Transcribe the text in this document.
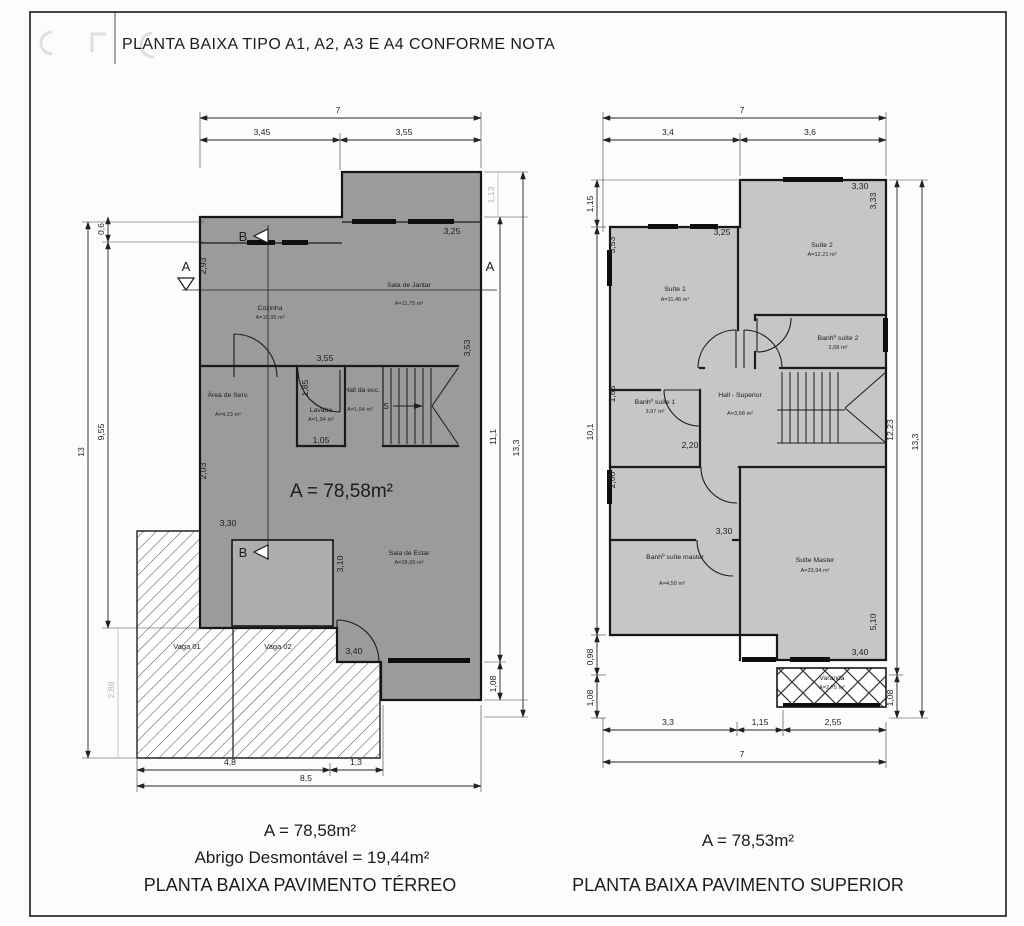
PLANTA BAIXA TIPO A1, A2, A3 E A4 CONFORME NOTA
S
A	A
B
B
7
3,45	3,55
13
0,6
9,55
2,88
1,13
11,1
13,3
1,08
4,8	1,3
8,5
2,93
3,25
3,55
1,85
1,05
3,53
2,03
3,30
3,10
3,40
Cozinha
A=10,95 m²
Sala de Jantar
A=11,75 m²
Área de Serv.
A=4,23 m²
Lavabo
A=1,94 m²
Hall da esc.
A=1,94 m²
Sala de Estar
A=28,65 m²
Vaga 01	Vaga 02
A = 78,58m²
A = 78,58m²
Abrigo Desmontável = 19,44m²
PLANTA BAIXA PAVIMENTO TÉRREO
7
3,4	3,6
1,15
10,1
0,98
1,08
12,23
13,3
1,08
3,3	1,15	2,55
7
3,25
3,30
3,33
3,53
1,85
2,00
2,20
3,30
3,40
5,10
Suíte 1
A=11,46 m²
Suíte 2
A=12,21 m²
Banhº suíte 2
2,68 m²
Banhº suíte 1
3,97 m²
Hall - Superior
A=3,68 m²
Banhº suíte master
A=4,50 m²
Suíte Master
A=23,94 m²
Varanda
A=2,75 m²
A = 78,53m²
PLANTA BAIXA PAVIMENTO SUPERIOR
